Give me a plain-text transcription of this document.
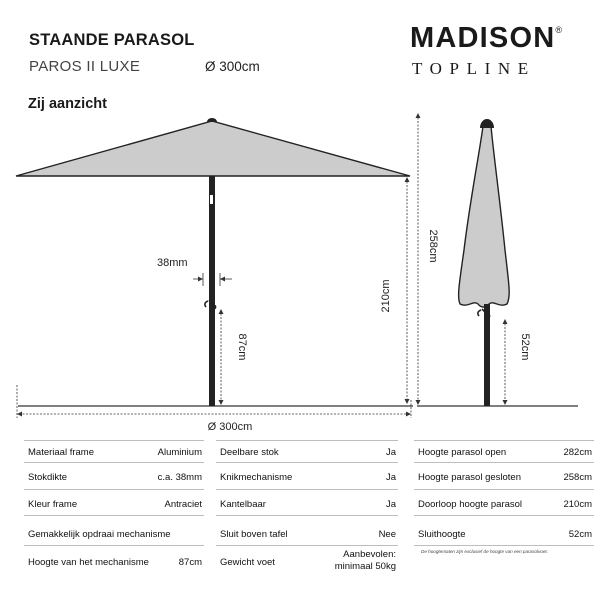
STAANDE PARASOL
PAROS II LUXE	Ø 300cm
MADISON®
TOPLINE
Zij aanzicht
38mm
87cm
210cm
258cm
52cm
Ø 300cm
Materiaal frame	Aluminium
Stokdikte	c.a. 38mm
Kleur frame	Antraciet
Gemakkelijk opdraai mechanisme
Hoogte van het mechanisme	87cm
Deelbare stok	Ja
Knikmechanisme	Ja
Kantelbaar	Ja
Sluit boven tafel	Nee
Gewicht voet
Aanbevolen:
minimaal 50kg
Hoogte parasol open	282cm
Hoogte parasol gesloten	258cm
Doorloop hoogte parasol	210cm
Sluithoogte	52cm
De hoogtematen zijn exclusief de hoogte van een parasolvoet.
